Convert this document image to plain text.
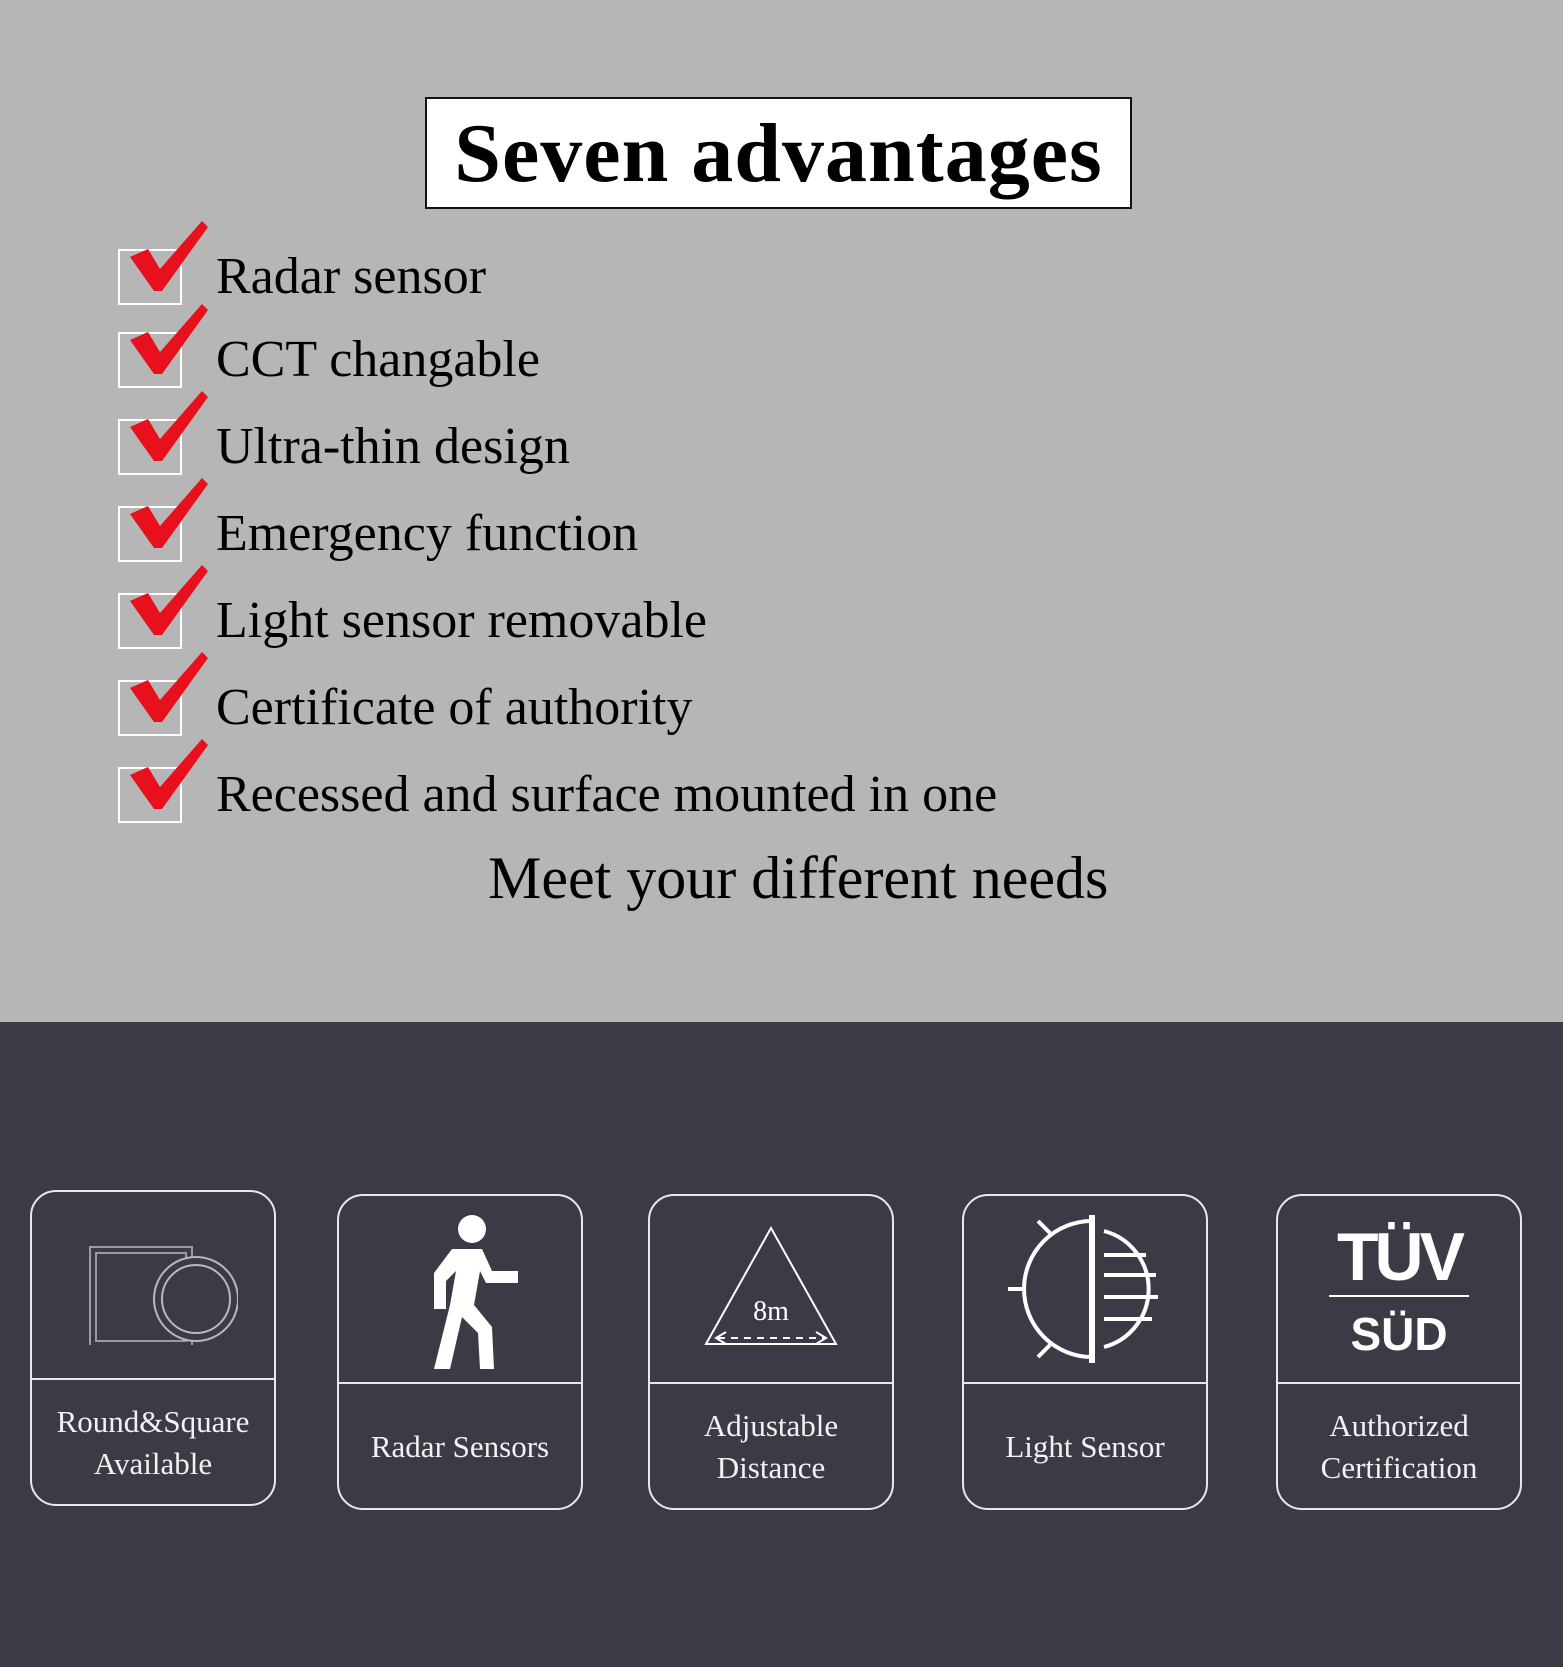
Seven advantages
Radar sensor
CCT changable
Ultra-thin design
Emergency function
Light sensor removable
Certificate of authority
Recessed and surface mounted in one
Meet your different needs
Round&Square
Available	Radar Sensors
8m
Adjustable
Distance
Light Sensor
TÜV
SÜD
Authorized
Certification
